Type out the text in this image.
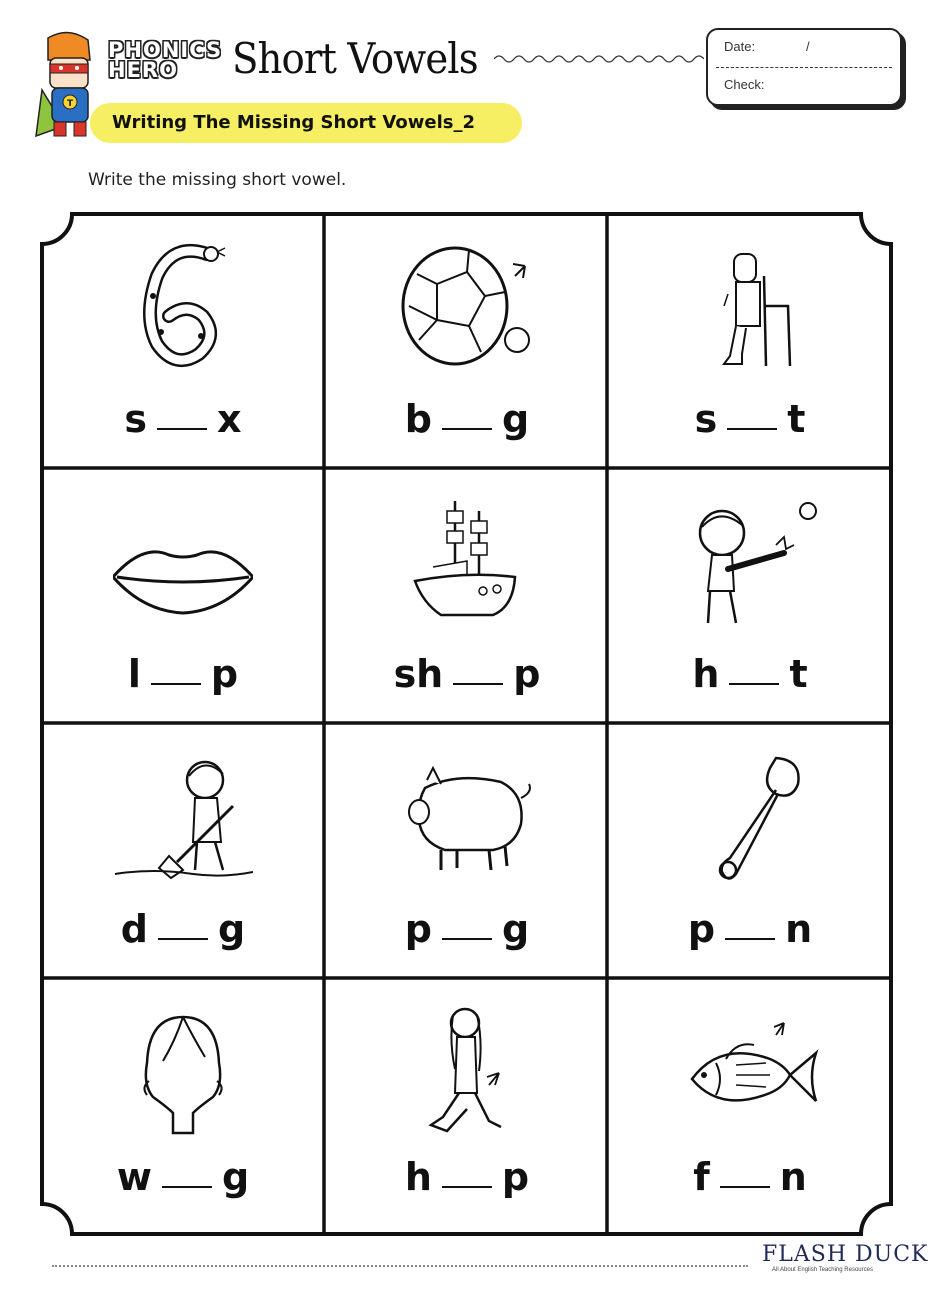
T
PHONICS
HERO	Short Vowels	Date:	/
Check:
Writing The Missing Short Vowels_2
Write the missing short vowel.
s x	b g	s t
l p	sh p	h t
d g	p g	p n
w g	h p	f n
FLASH DUCK
All About English Teaching Resources
